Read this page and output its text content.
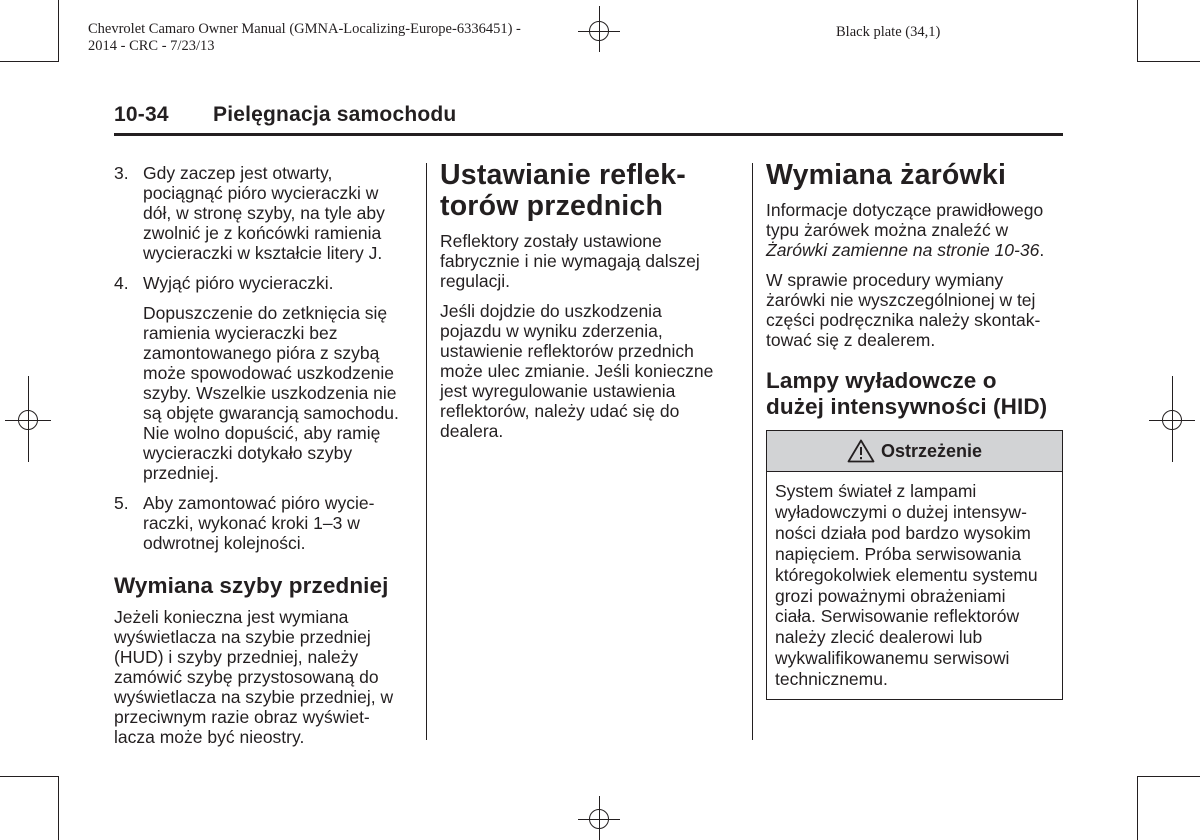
Chevrolet Camaro Owner Manual (GMNA-Localizing-Europe-6336451) -
2014 - CRC - 7/23/13
Black plate (34,1)
10-34 Pielęgnacja samochodu
3. Gdy zaczep jest otwarty,
pociągnąć pióro wycieraczki w
dół, w stronę szyby, na tyle aby
zwolnić je z końcówki ramienia
wycieraczki w kształcie litery J.
4. Wyjąć pióro wycieraczki.
Dopuszczenie do zetknięcia się
ramienia wycieraczki bez
zamontowanego pióra z szybą
może spowodować uszkodzenie
szyby. Wszelkie uszkodzenia nie
są objęte gwarancją samochodu.
Nie wolno dopuścić, aby ramię
wycieraczki dotykało szyby
przedniej.
5. Aby zamontować pióro wycie-
raczki, wykonać kroki 1–3 w
odwrotnej kolejności.
Wymiana szyby przedniej
Jeżeli konieczna jest wymiana
wyświetlacza na szybie przedniej
(HUD) i szyby przedniej, należy
zamówić szybę przystosowaną do
wyświetlacza na szybie przedniej, w
przeciwnym razie obraz wyświet-
lacza może być nieostry.
Ustawianie reflek-
torów przednich
Reflektory zostały ustawione
fabrycznie i nie wymagają dalszej
regulacji.
Jeśli dojdzie do uszkodzenia
pojazdu w wyniku zderzenia,
ustawienie reflektorów przednich
może ulec zmianie. Jeśli konieczne
jest wyregulowanie ustawienia
reflektorów, należy udać się do
dealera.
Wymiana żarówki
Informacje dotyczące prawidłowego
typu żarówek można znaleźć w
Żarówki zamienne na stronie 10-36.
W sprawie procedury wymiany
żarówki nie wyszczególnionej w tej
części podręcznika należy skontak-
tować się z dealerem.
Lampy wyładowcze o
dużej intensywności (HID)
Ostrzeżenie
System świateł z lampami
wyładowczymi o dużej intensyw-
ności działa pod bardzo wysokim
napięciem. Próba serwisowania
któregokolwiek elementu systemu
grozi poważnymi obrażeniami
ciała. Serwisowanie reflektorów
należy zlecić dealerowi lub
wykwalifikowanemu serwisowi
technicznemu.
